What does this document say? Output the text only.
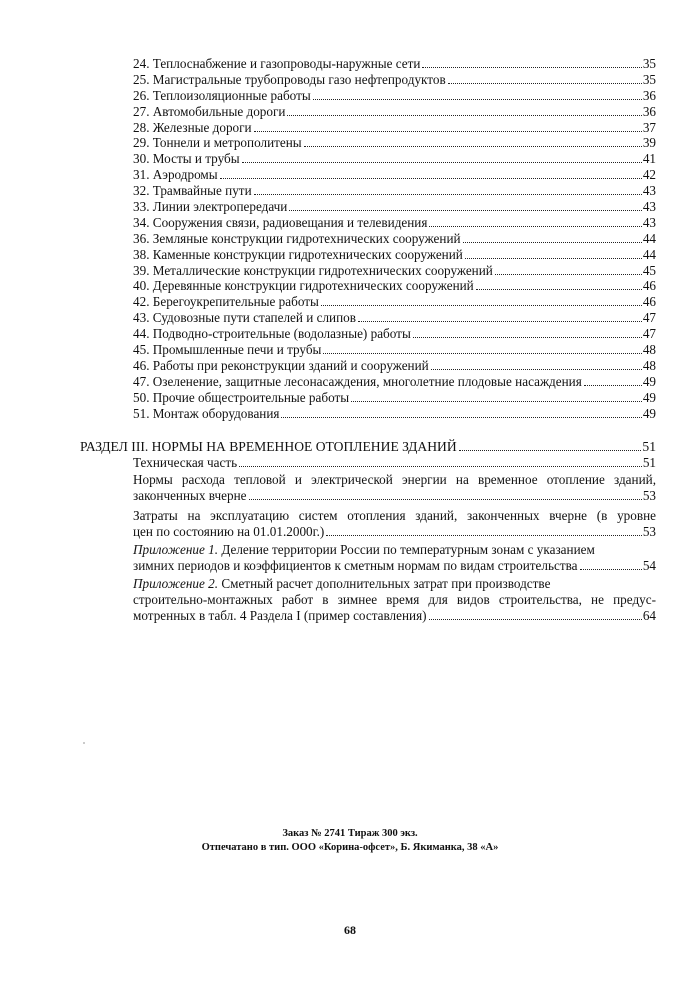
24. Теплоснабжение и газопроводы-наружные сети	35
25. Магистральные трубопроводы газо нефтепродуктов	35
26. Теплоизоляционные работы	36
27. Автомобильные дороги	36
28. Железные дороги	37
29. Тоннели и метрополитены	39
30. Мосты и трубы	41
31. Аэродромы	42
32. Трамвайные пути	43
33. Линии электропередачи	43
34. Сооружения связи, радиовещания и телевидения	43
36. Земляные конструкции гидротехнических сооружений	44
38. Каменные конструкции гидротехнических сооружений	44
39. Металлические конструкции гидротехнических сооружений	45
40. Деревянные конструкции гидротехнических сооружений	46
42. Берегоукрепительные работы	46
43. Судовозные пути стапелей и слипов	47
44. Подводно-строительные (водолазные) работы	47
45. Промышленные печи и трубы	48
46. Работы при реконструкции зданий и сооружений	48
47. Озеленение, защитные лесонасаждения, многолетние плодовые насаждения	49
50. Прочие общестроительные работы	49
51. Монтаж оборудования	49
РАЗДЕЛ III. НОРМЫ НА ВРЕМЕННОЕ ОТОПЛЕНИЕ ЗДАНИЙ	51
Техническая часть	51
Нормы расхода тепловой и электрической энергии на временное отопление зданий,
законченных вчерне	53
Затраты на эксплуатацию систем отопления зданий, законченных вчерне (в уровне
цен по состоянию на 01.01.2000г.)	53
Приложение 1. Деление территории России по температурным зонам с указанием
зимних периодов и коэффициентов к сметным нормам по видам строительства	54
Приложение 2. Сметный расчет дополнительных затрат при производстве
строительно-монтажных работ в зимнее время для видов строительства, не предус-
мотренных в табл. 4 Раздела I (пример составления)	64
Заказ № 2741 Тираж 300 экз.
Отпечатано в тип. ООО «Корина-офсет», Б. Якиманка, 38 «А»
68
